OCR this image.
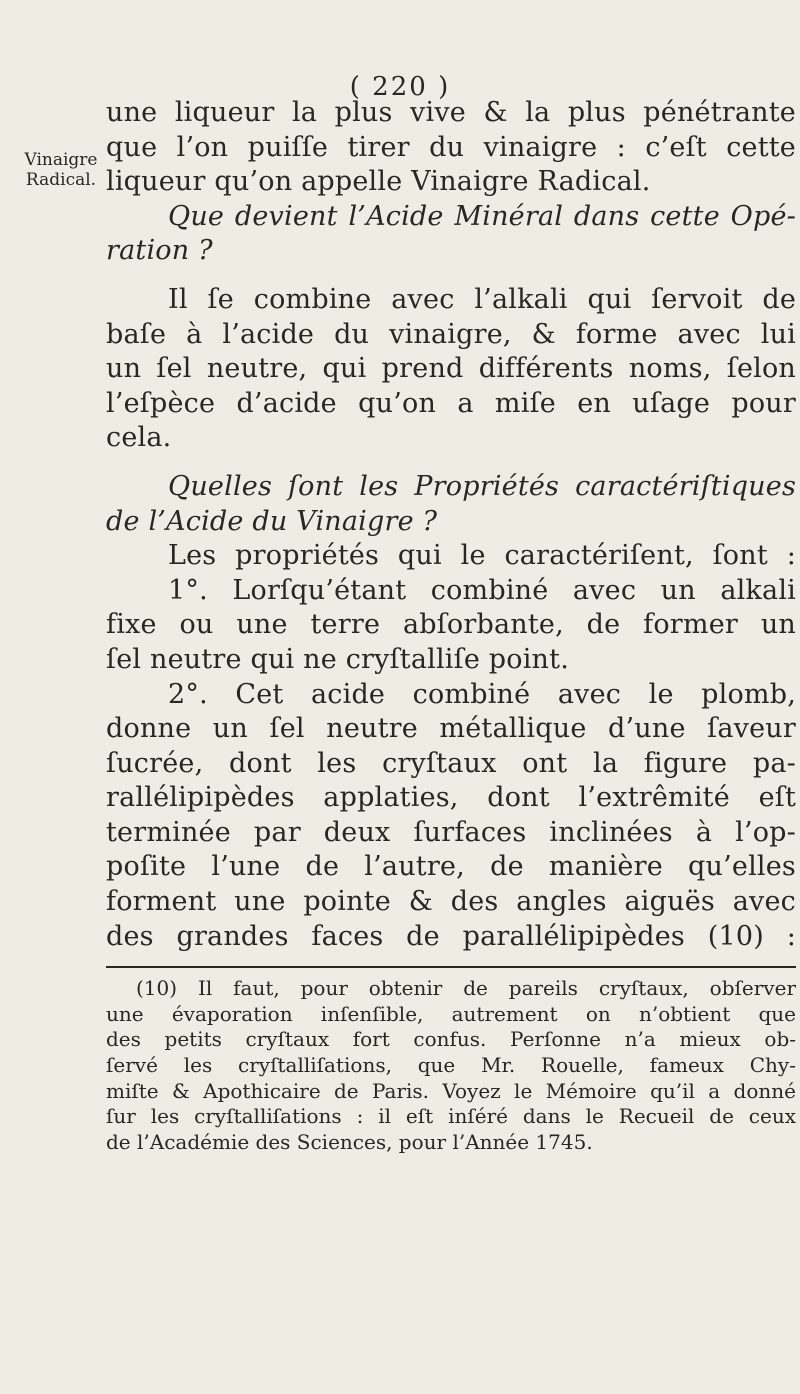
( 220 )
Vinaigre
Radical.
une liqueur la plus vive & la plus pénétrante
que l’on puiſſe tirer du vinaigre : c’eſt cette
liqueur qu’on appelle Vinaigre Radical.
Que devient l’Acide Minéral dans cette Opé-
ration ?
Il ſe combine avec l’alkali qui ſervoit de
baſe à l’acide du vinaigre, & forme avec lui
un ſel neutre, qui prend différents noms, ſelon
l’eſpèce d’acide qu’on a miſe en uſage pour
cela.
Quelles ſont les Propriétés caractériſtiques
de l’Acide du Vinaigre ?
Les propriétés qui le caractériſent, ſont :
1°. Lorſqu’étant combiné avec un alkali
fixe ou une terre abſorbante, de former un
ſel neutre qui ne cryſtalliſe point.
2°. Cet acide combiné avec le plomb,
donne un ſel neutre métallique d’une ſaveur
ſucrée, dont les cryſtaux ont la figure pa-
rallélipipèdes applaties, dont l’extrêmité eſt
terminée par deux ſurfaces inclinées à l’op-
poſite l’une de l’autre, de manière qu’elles
forment une pointe & des angles aiguës avec
des grandes faces de parallélipipèdes (10) :
(10) Il faut, pour obtenir de pareils cryſtaux, obſerver
une évaporation inſenſible, autrement on n’obtient que
des petits cryſtaux fort confus. Perſonne n’a mieux ob-
ſervé les cryſtalliſations, que Mr. Rouelle, fameux Chy-
miſte & Apothicaire de Paris. Voyez le Mémoire qu’il a donné
ſur les cryſtalliſations : il eſt inſéré dans le Recueil de ceux
de l’Académie des Sciences, pour l’Année 1745.
